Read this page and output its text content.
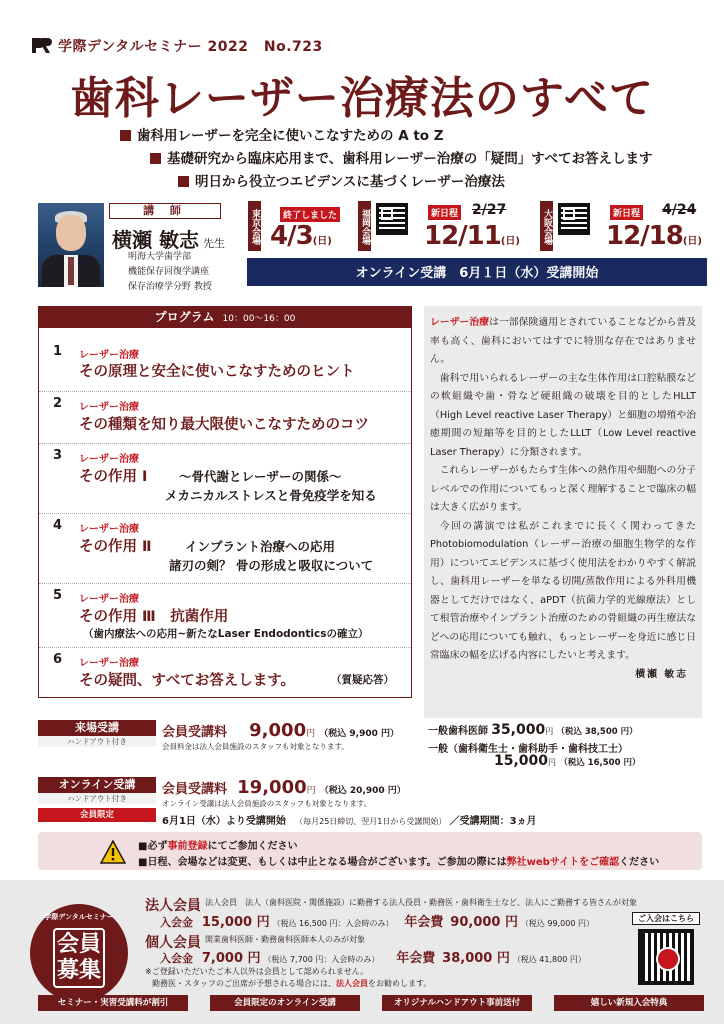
学際デンタルセミナー 2022 No.723
歯科レーザー治療法のすべて
歯科用レーザーを完全に使いこなすための A to Z
基礎研究から臨床応用まで、歯科用レーザー治療の「疑問」すべてお答えします
明日から役立つエビデンスに基づくレーザー治療法
講 師
横瀬 敏志 先生
明海大学歯学部
機能保存回復学講座
保存治療学分野 教授
東京会場	終了しました
4/3(日)	福岡会場	新日程 2/27
12/11(日) 大阪会場	新日程 4/24
12/18(日)
オンライン受講　6月１日（水）受講開始
プログラム 10：00〜16：00
1 レーザー治療
その原理と安全に使いこなすためのヒント
2 レーザー治療
その種類を知り最大限使いこなすためのコツ
3 レーザー治療
その作用 Ⅰ	〜骨代謝とレーザーの関係〜
メカニカルストレスと骨免疫学を知る
4 レーザー治療
その作用 Ⅱ	インプラント治療への応用
諸刃の剣？ 骨の形成と吸収について
5 レーザー治療
その作用 Ⅲ　抗菌作用
（歯内療法への応用~新たなLaser Endodonticsの確立）
6 レーザー治療
その疑問、すべてお答えします。	（質疑応答）

レーザー治療は一部保険適用とされていることなどから普及率も高く、歯科においてはすでに特別な存在ではありません。

歯科で用いられるレーザーの主な生体作用は口腔粘膜などの軟組織や歯・骨など硬組織の破壊を目的としたHLLT（High Level reactive Laser Therapy）と細胞の増殖や治癒期間の短縮等を目的としたLLLT（Low Level reactive Laser Therapy）に分類されます。

これらレーザーがもたらす生体への熱作用や細胞への分子レベルでの作用についてもっと深く理解することで臨床の幅は大きく広がります。

今回の講演では私がこれまでに長くく関わってきたPhotobiomodulation（レーザー治療の細胞生物学的な作用）についてエビデンスに基づく使用法をわかりやすく解説し、歯科用レーザーを単なる切開/蒸散作用による外科用機器としてだけではなく、aPDT（抗菌力学的光線療法）として根管治療やインプラント治療のための骨組織の再生療法などへの応用についても触れ、もっとレーザーを身近に感じ日常臨床の幅を広げる内容にしたいと考えます。

横瀬 敏志

来場受講
ハンドアウト付き
会員受講料 9,000円 （税込 9,900 円）
会員料金は法人会員施設のスタッフも対象となります。
一般歯科医師 35,000円 （税込 38,500 円）
一般（歯科衛生士・歯科助手・歯科技工士）
15,000円 （税込 16,500 円）
オンライン受講
ハンドアウト付き
会員限定
会員受講料 19,000円 （税込 20,900 円）
オンライン受講は法人会員施設のスタッフも対象となります。
6月1日（水）より受講開始 （毎月25日締切、翌月1日から受講開始） ／受講期間：3ヵ月
■必ず事前登録にてご参加ください
■日程、会場などは変更、もしくは中止となる場合がございます。ご参加の際には弊社webサイトをご確認ください
学際デンタルセミナー
会員募集
法人会員 法人会員　法人（歯科医院・関係施設）に勤務する法人役員・勤務医・歯科衛生士など、法人にご勤務する皆さんが対象
入会金 15,000 円 （税込 16,500 円：入会時のみ） 年会費 90,000 円 （税込 99,000 円）
個人会員 開業歯科医師・勤務歯科医師本人のみが対象
入会金 7,000 円 （税込 7,700 円：入会時のみ） 年会費 38,000 円 （税込 41,800 円）
※ご登録いただいたご本人以外は会員として認められません。
勤務医・スタッフのご出席が予想される場合には、法人会員をお勧めします。
ご入会はこちら
セミナー・実習受講料が割引	会員限定のオンライン受講	オリジナルハンドアウト事前送付	嬉しい新規入会特典
